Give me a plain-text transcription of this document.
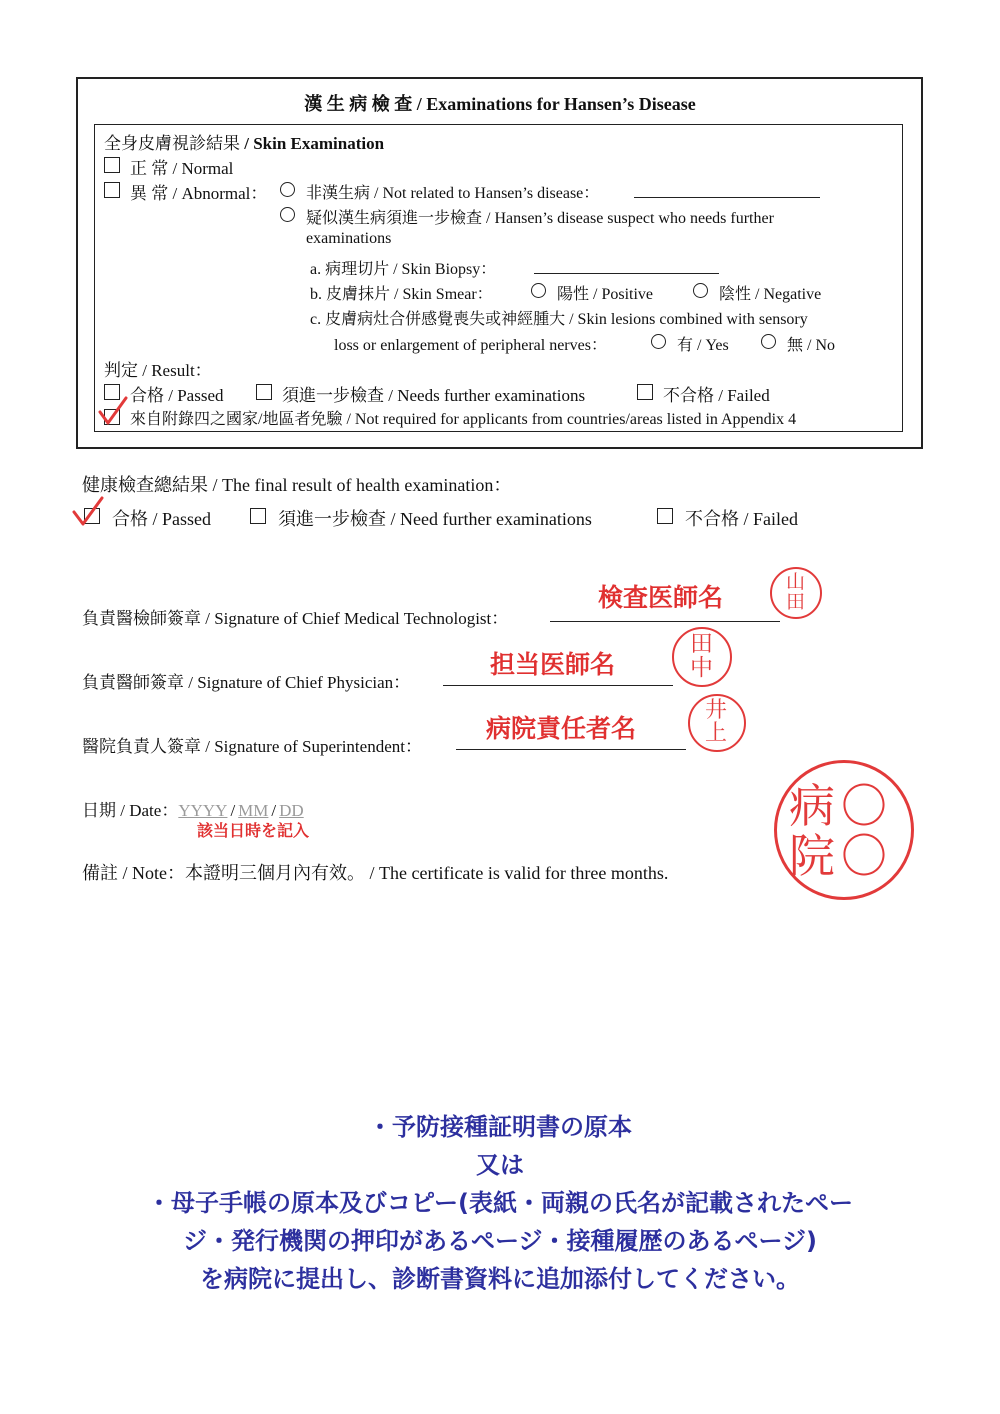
漢 生 病 檢 查 / Examinations for Hansen’s Disease
全身皮膚視診結果 / Skin Examination
正 常 / Normal
異 常 / Abnormal： 非漢生病 / Not related to Hansen’s disease：
疑似漢生病須進一步檢查 / Hansen’s disease suspect who needs further
examinations
a. 病理切片 / Skin Biopsy：
b. 皮膚抹片 / Skin Smear：	陽性 / Positive	陰性 / Negative
c. 皮膚病灶合併感覺喪失或神經腫大 / Skin lesions combined with sensory
loss or enlargement of peripheral nerves：	有 / Yes	無 / No
判定 / Result：
合格 / Passed	須進一步檢查 / Needs further examinations	不合格 / Failed
來自附錄四之國家/地區者免驗 / Not required for applicants from countries/areas listed in Appendix 4
健康檢查總結果 / The final result of health examination：
合格 / Passed	須進一步檢查 / Need further examinations	不合格 / Failed
負責醫檢師簽章 / Signature of Chief Medical Technologist：
検査医師名
山
田
負責醫師簽章 / Signature of Chief Physician：
担当医師名
田
中
醫院負責人簽章 / Signature of Superintendent：
病院責任者名
井
上
日期 / Date：YYYY / MM / DD
該当日時を記入
備註 / Note：本證明三個月內有效。 / The certificate is valid for three months.
病
院
〇
〇
・予防接種証明書の原本
又は
・母子手帳の原本及びコピー(表紙・両親の氏名が記載されたペー
ジ・発行機関の押印があるページ・接種履歴のあるページ)
を病院に提出し、診断書資料に追加添付してください。
